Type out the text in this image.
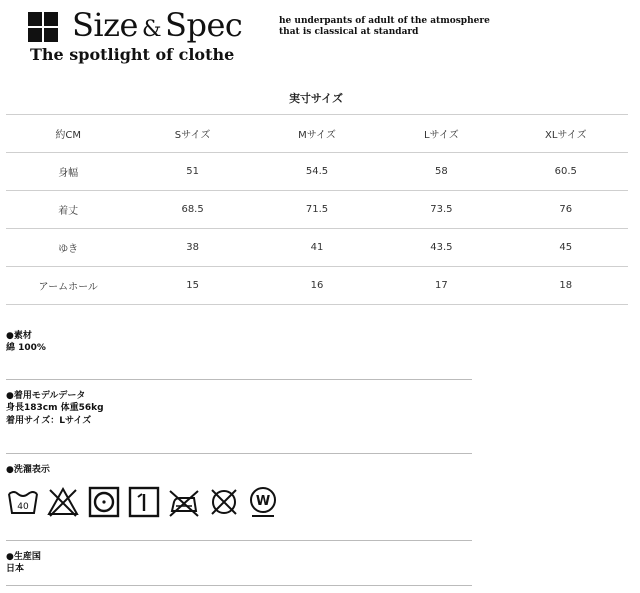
Size & Spec
The spotlight of clothe
he underpants of adult of the atmosphere
that is classical at standard
実寸サイズ
約CM	Sサイズ	Mサイズ	Lサイズ	XLサイズ
身幅	51	54.5	58	60.5
着丈	68.5	71.5	73.5	76
ゆき	38	41	43.5	45
アームホール	15	16	17	18
●素材
綿 100%
●着用モデルデータ
身長183cm 体重56kg
着用サイズ：Lサイズ
●洗濯表示
40	W
●生産国
日本
